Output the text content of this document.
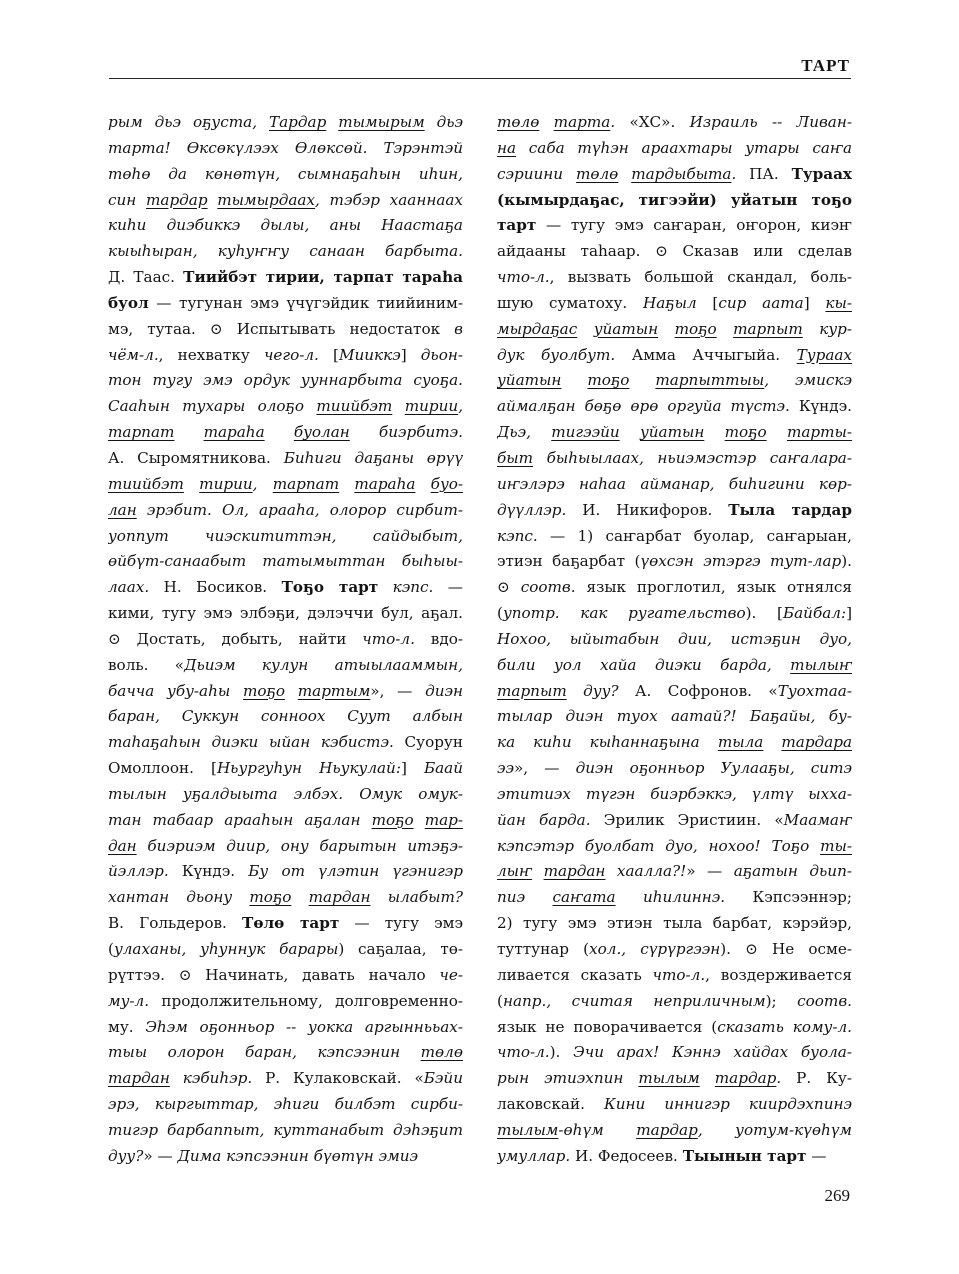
ТАРТ
рым дьэ оҕуста, Тардар тымырым дьэ
тарта! Өксөкүлээх Өлөксөй. Тэрэнтэй
төһө да көнөтүн, сымнаҕаһын иһин,
син тардар тымырдаах, тэбэр хааннаах
киһи диэбиккэ дылы, аны Наастаҕа
кыыһыран, куһуҥҥу санаан барбыта.
Д. Таас. Тиийбэт тирии, тарпат тараһа
буол — тугунан эмэ үчүгэйдик тиийиним-
мэ, тутаа. ⊙ Испытывать недостаток в
чём-л., нехватку чего-л. [Мииккэ] дьон-
тон тугу эмэ ордук ууннарбыта суоҕа.
Сааһын тухары олоҕо тиийбэт тирии,
тарпат тараһа буолан биэрбитэ.
А. Сыромятникова. Биһиги даҕаны өрүү
тиийбэт тирии, тарпат тараһа буо-
лан эрэбит. Ол, арааһа, олорор сирбит-
уоппут чиэскититтэн, сайдыбыт,
өйбүт-санаабыт татымыттан быһыы-
лаах. Н. Босиков. Тоҕо тарт кэпс. —
кими, тугу эмэ элбэҕи, дэлэччи бул, аҕал.
⊙ Достать, добыть, найти что-л. вдо-
воль. «Дьиэм кулун атыылааммын,
баччa убу-аһы тоҕо тартым», — диэн
баран, Суккун сонноох Суут албын
таһаҕаһын диэки ыйан кэбистэ. Суорун
Омоллоон. [Ньургуһун Ньукулай:] Баай
тылын уҕалдыыта элбэх. Омук омук-
тан табаар арааһын аҕалан тоҕо тар-
дан биэриэм диир, ону барытын итэҕэ-
йэллэр. Күндэ. Бу от үлэтин үгэнигэр
хантан дьону тоҕо тардан ылабыт?
В. Гольдеров. Төлө тарт — тугу эмэ
(улаханы, уһуннук барары) саҕалаа, тө-
рүттээ. ⊙ Начинать, давать начало че-
му-л. продолжительному, долговременно-
му. Эһэм оҕонньор -- уокка аргыннььах-
тыы олорон баран, кэпсээнин төлө
тардан кэбиһэр. Р. Кулаковскай. «Бэйи
эрэ, кыргыттар, эһиги билбэт сирби-
тигэр барбаппыт, куттанабыт дэһэҕит
дуу?» — Дима кэпсээнин бүөтүн эмиэ
төлө тарта. «ХС». Израиль -- Ливан-
на саба түһэн араахтары утары саҥа
сэриини төлө тардыбыта. ПА. Тураах
(кымырдаҕас, тигээйи) уйатын тоҕо
тарт — тугу эмэ саҥаран, оҥорон, киэҥ
айдааны таһаар. ⊙ Сказав или сделав
что-л., вызвать большой скандал, боль-
шую суматоху. Наҕыл [сир аата] кы-
мырдаҕас уйатын тоҕо тарпыт кур-
дук буолбут. Амма Аччыгыйа. Тураах
уйатын тоҕо тарпыттыы, эмискэ
аймалҕан бөҕө өрө оргуйа түстэ. Күндэ.
Дьэ, тигээйи уйатын тоҕо тарты-
быт быһыылаах, ньиэмэстэр саҥалара-
иҥэлэрэ наһаа айманар, биһигини көр-
дүүллэр. И. Никифоров. Тыла тардар
кэпс. — 1) саҥарбат буолар, саҥарыан,
этиэн баҕарбат (үөхсэн этэргэ тут-лар).
⊙ соотв. язык проглотил, язык отнялся
(употр. как ругательство). [Байбал:]
Нохоо, ыйытабын дии, истэҕин дуо,
били уол хайа диэки барда, тылыҥ
тарпыт дуу? А. Софронов. «Туохтаа-
тылар диэн туох аатай?! Баҕайы, бу-
ка киһи кыһаннаҕына тыла тардара
ээ», — диэн оҕонньор Уулааҕы, ситэ
этитиэх түгэн биэрбэккэ, үлтү ыхха-
йан барда. Эрилик Эристиин. «Маамаҥ
кэпсэтэр буолбат дуо, нохоо! Тоҕо ты-
лыҥ тардан хаалла?!» — аҕатын дьип-
пиэ саҥата иһилиннэ. Кэпсээннэр;
2) тугу эмэ этиэн тыла барбат, кэрэйэр,
туттунар (хол., сүрүргээн). ⊙ Не осме-
ливается сказать что-л., воздерживается
(напр., считая неприличным); соотв.
язык не поворачивается (сказать кому-л.
что-л.). Эчи арах! Кэннэ хайдах буола-
рын этиэхпин тылым тардар. Р. Ку-
лаковскай. Кини иннигэр киирдэхпинэ
тылым-өһүм тардар, уотум-күөһүм
умуллар. И. Федосеев. Тыынын тарт —
269
